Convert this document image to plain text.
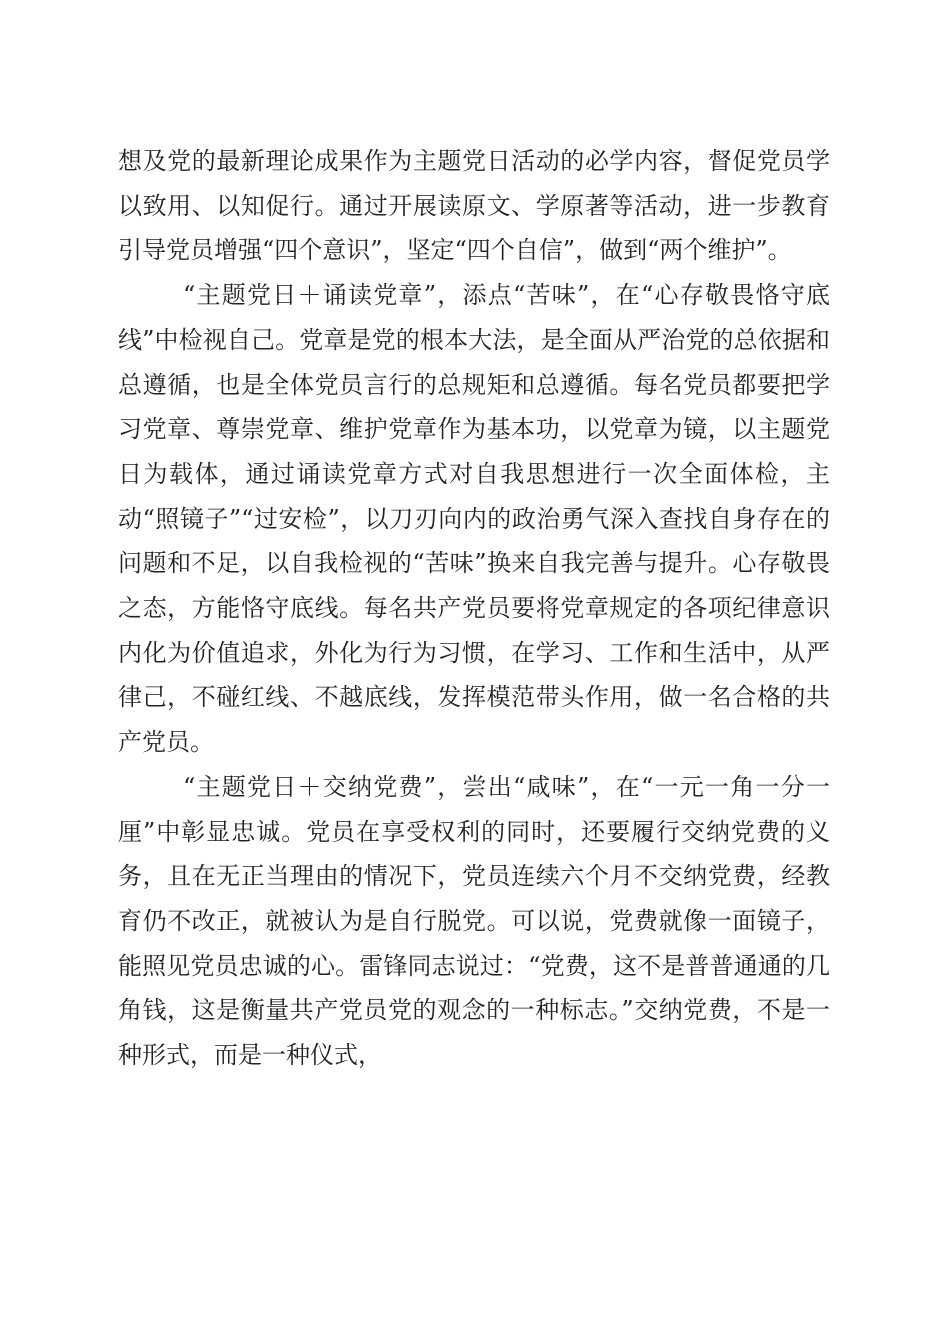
想及党的最新理论成果作为主题党日活动的必学内容，督促党员学以致用、以知促行。通过开展读原文、学原著等活动，进一步教育引导党员增强“四个意识”，坚定“四个自信”，做到“两个维护”。

“主题党日＋诵读党章”，添点“苦味”，在“心存敬畏恪守底线”中检视自己。党章是党的根本大法，是全面从严治党的总依据和总遵循，也是全体党员言行的总规矩和总遵循。每名党员都要把学习党章、尊崇党章、维护党章作为基本功，以党章为镜，以主题党日为载体，通过诵读党章方式对自我思想进行一次全面体检，主动“照镜子”“过安检”，以刀刃向内的政治勇气深入查找自身存在的问题和不足，以自我检视的“苦味”换来自我完善与提升。心存敬畏之态，方能恪守底线。每名共产党员要将党章规定的各项纪律意识内化为价值追求，外化为行为习惯，在学习、工作和生活中，从严律己，不碰红线、不越底线，发挥模范带头作用，做一名合格的共产党员。

“主题党日＋交纳党费”，尝出“咸味”，在“一元一角一分一厘”中彰显忠诚。党员在享受权利的同时，还要履行交纳党费的义务，且在无正当理由的情况下，党员连续六个月不交纳党费，经教育仍不改正，就被认为是自行脱党。可以说，党费就像一面镜子，能照见党员忠诚的心。雷锋同志说过：“党费，这不是普普通通的几角钱，这是衡量共产党员党的观念的一种标志。”交纳党费，不是一种形式，而是一种仪式，
